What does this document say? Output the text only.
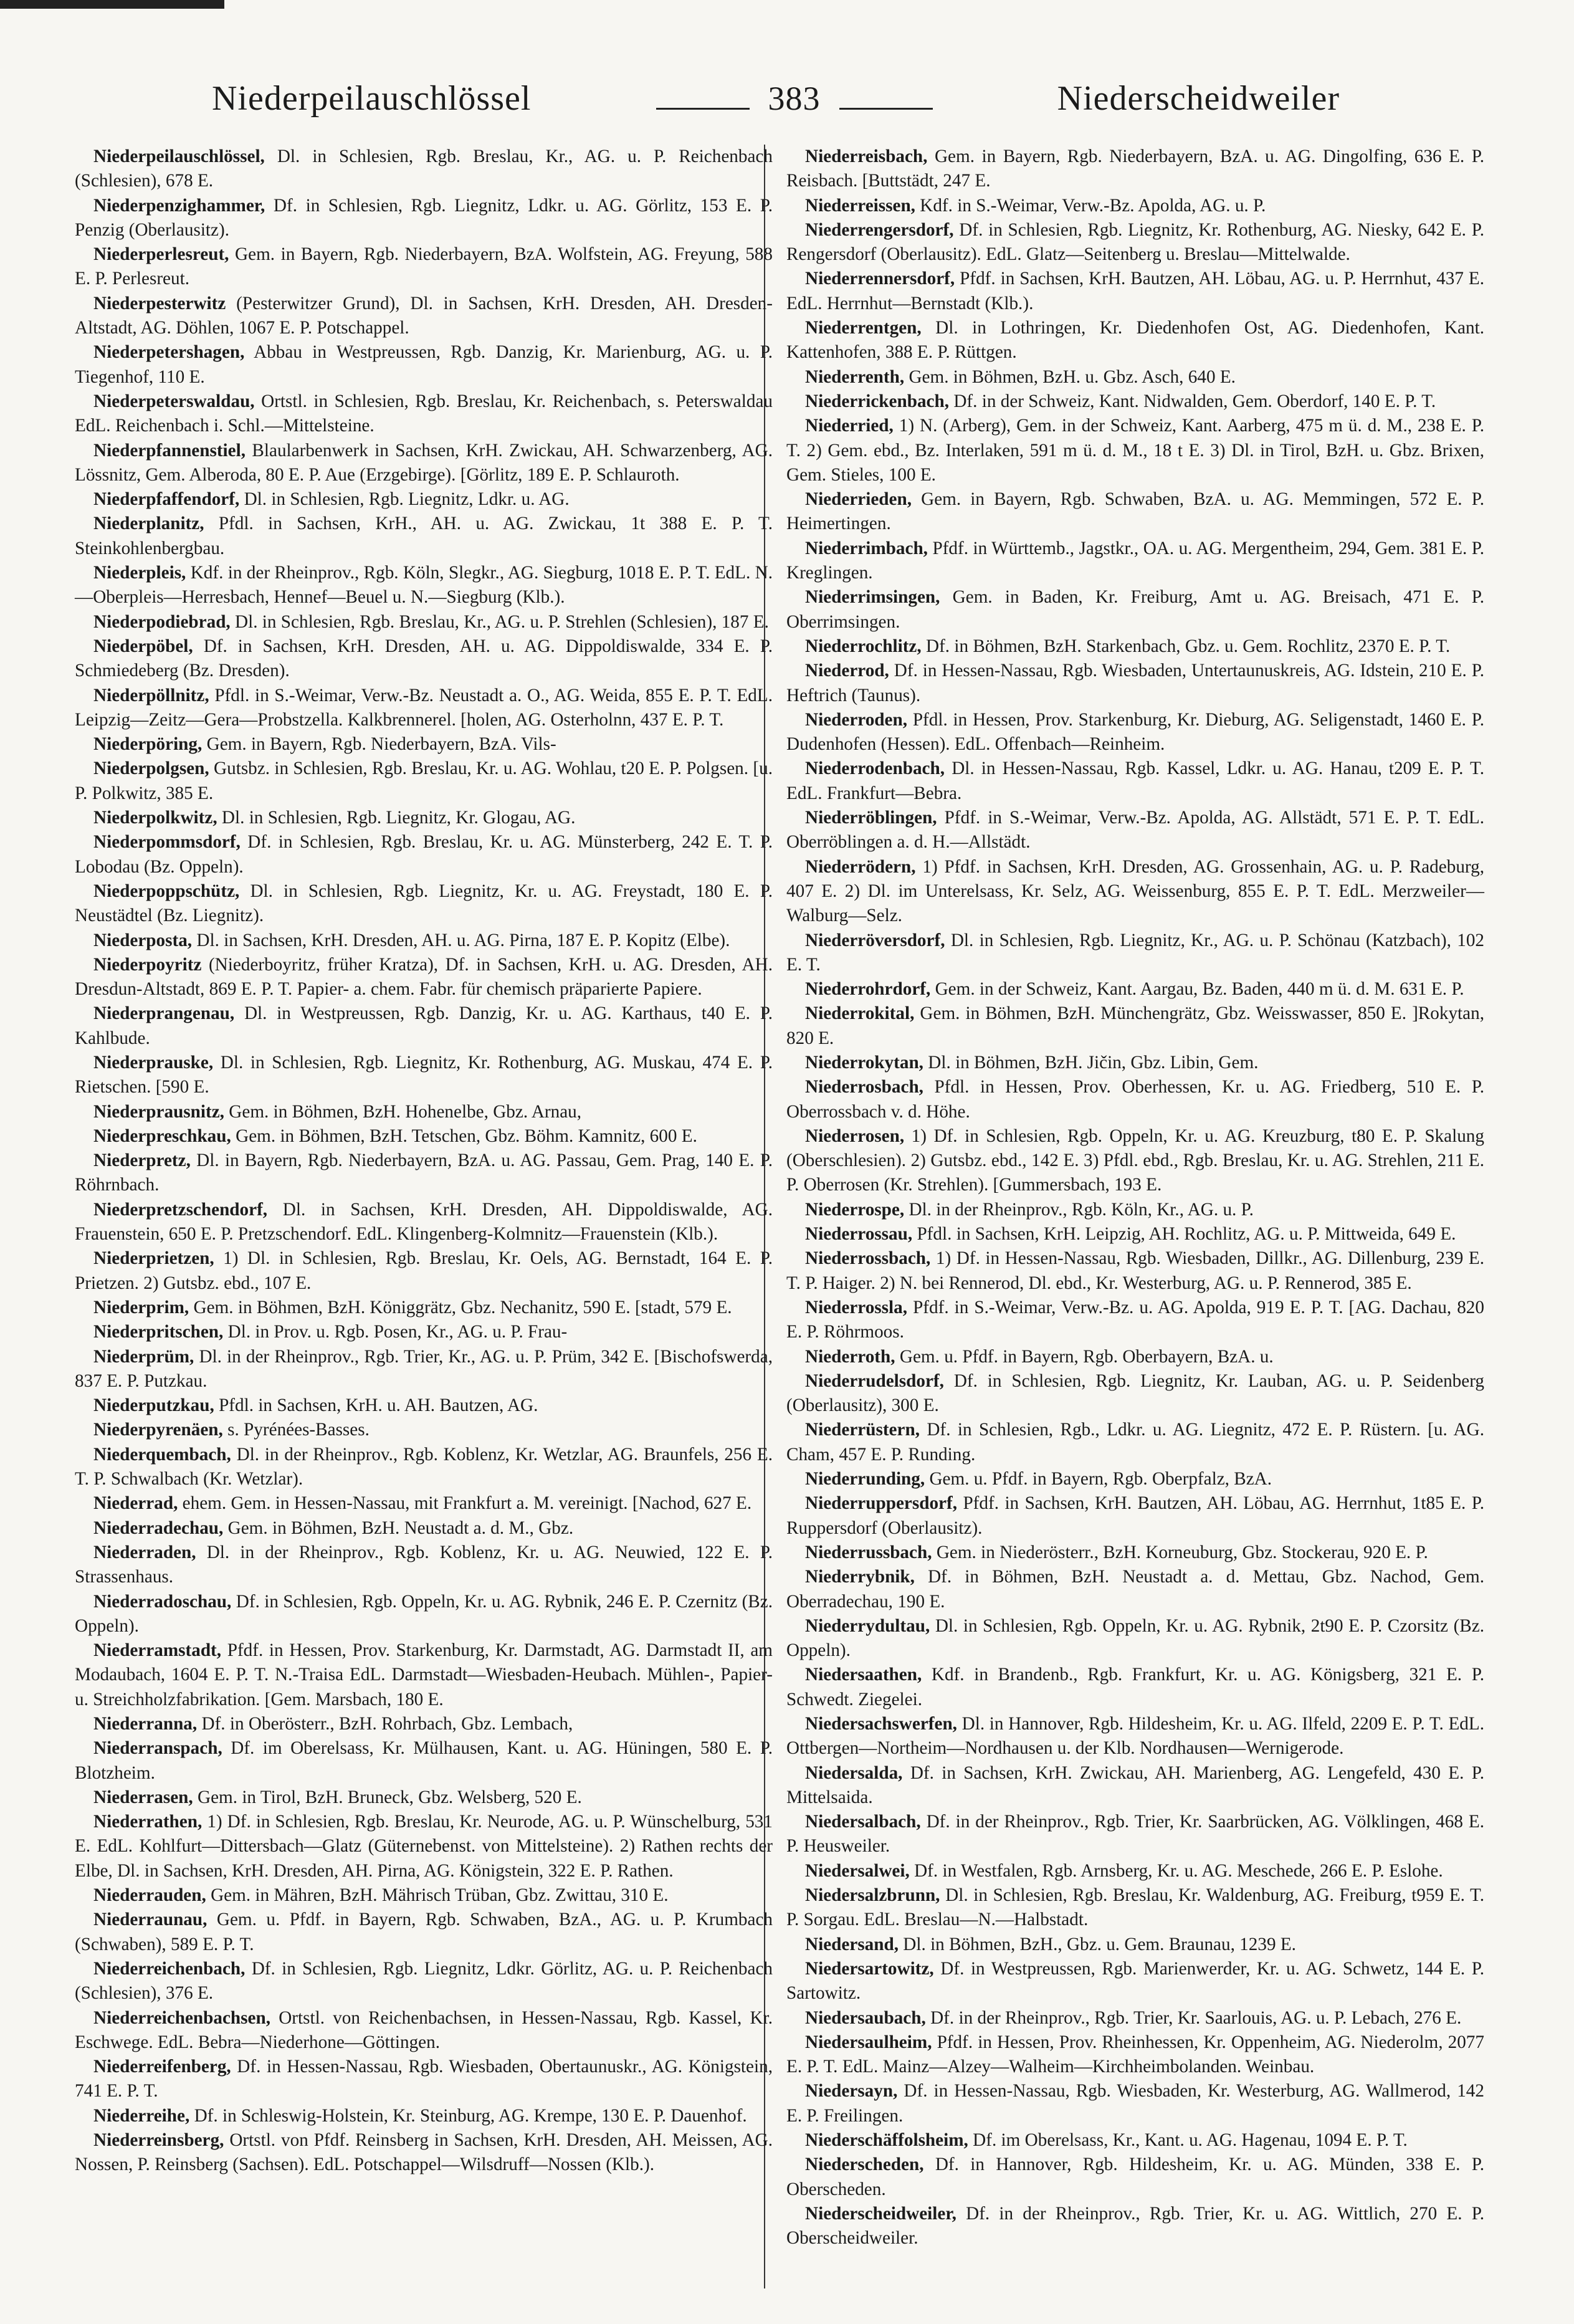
Niederpeilauschlössel	383	Niederscheidweiler

Niederpeilauschlössel, Dl. in Schlesien, Rgb. Breslau, Kr., AG. u. P. Reichenbach (Schlesien), 678 E.

Niederpenzighammer, Df. in Schlesien, Rgb. Liegnitz, Ldkr. u. AG. Görlitz, 153 E. P. Penzig (Oberlausitz).

Niederperlesreut, Gem. in Bayern, Rgb. Niederbayern, BzA. Wolfstein, AG. Freyung, 588 E. P. Perlesreut.

Niederpesterwitz (Pesterwitzer Grund), Dl. in Sachsen, KrH. Dresden, AH. Dresden-Altstadt, AG. Döhlen, 1067 E. P. Potschappel.

Niederpetershagen, Abbau in Westpreussen, Rgb. Danzig, Kr. Marienburg, AG. u. P. Tiegenhof, 110 E.

Niederpeterswaldau, Ortstl. in Schlesien, Rgb. Breslau, Kr. Reichenbach, s. Peterswaldau EdL. Reichenbach i. Schl.—Mittelsteine.

Niederpfannenstiel, Blaularbenwerk in Sachsen, KrH. Zwickau, AH. Schwarzenberg, AG. Lössnitz, Gem. Alberoda, 80 E. P. Aue (Erzgebirge). [Görlitz, 189 E. P. Schlauroth.

Niederpfaffendorf, Dl. in Schlesien, Rgb. Liegnitz, Ldkr. u. AG.

Niederplanitz, Pfdl. in Sachsen, KrH., AH. u. AG. Zwickau, 1t 388 E. P. T. Steinkohlenbergbau.

Niederpleis, Kdf. in der Rheinprov., Rgb. Köln, Slegkr., AG. Siegburg, 1018 E. P. T. EdL. N.—Oberpleis—Herresbach, Hennef—Beuel u. N.—Siegburg (Klb.).

Niederpodiebrad, Dl. in Schlesien, Rgb. Breslau, Kr., AG. u. P. Strehlen (Schlesien), 187 E.

Niederpöbel, Df. in Sachsen, KrH. Dresden, AH. u. AG. Dippoldiswalde, 334 E. P. Schmiedeberg (Bz. Dresden).

Niederpöllnitz, Pfdl. in S.-Weimar, Verw.-Bz. Neustadt a. O., AG. Weida, 855 E. P. T. EdL. Leipzig—Zeitz—Gera—Probstzella. Kalkbrennerel. [holen, AG. Osterholnn, 437 E. P. T.

Niederpöring, Gem. in Bayern, Rgb. Niederbayern, BzA. Vils-

Niederpolgsen, Gutsbz. in Schlesien, Rgb. Breslau, Kr. u. AG. Wohlau, t20 E. P. Polgsen. [u. P. Polkwitz, 385 E.

Niederpolkwitz, Dl. in Schlesien, Rgb. Liegnitz, Kr. Glogau, AG.

Niederpommsdorf, Df. in Schlesien, Rgb. Breslau, Kr. u. AG. Münsterberg, 242 E. T. P. Lobodau (Bz. Oppeln).

Niederpoppschütz, Dl. in Schlesien, Rgb. Liegnitz, Kr. u. AG. Freystadt, 180 E. P. Neustädtel (Bz. Liegnitz).

Niederposta, Dl. in Sachsen, KrH. Dresden, AH. u. AG. Pirna, 187 E. P. Kopitz (Elbe).

Niederpoyritz (Niederboyritz, früher Kratza), Df. in Sachsen, KrH. u. AG. Dresden, AH. Dresdun-Altstadt, 869 E. P. T. Papier- a. chem. Fabr. für chemisch präparierte Papiere.

Niederprangenau, Dl. in Westpreussen, Rgb. Danzig, Kr. u. AG. Karthaus, t40 E. P. Kahlbude.

Niederprauske, Dl. in Schlesien, Rgb. Liegnitz, Kr. Rothenburg, AG. Muskau, 474 E. P. Rietschen. [590 E.

Niederprausnitz, Gem. in Böhmen, BzH. Hohenelbe, Gbz. Arnau,

Niederpreschkau, Gem. in Böhmen, BzH. Tetschen, Gbz. Böhm. Kamnitz, 600 E.

Niederpretz, Dl. in Bayern, Rgb. Niederbayern, BzA. u. AG. Passau, Gem. Prag, 140 E. P. Röhrnbach.

Niederpretzschendorf, Dl. in Sachsen, KrH. Dresden, AH. Dippoldiswalde, AG. Frauenstein, 650 E. P. Pretzschendorf. EdL. Klingenberg-Kolmnitz—Frauenstein (Klb.).

Niederprietzen, 1) Dl. in Schlesien, Rgb. Breslau, Kr. Oels, AG. Bernstadt, 164 E. P. Prietzen. 2) Gutsbz. ebd., 107 E.

Niederprim, Gem. in Böhmen, BzH. Königgrätz, Gbz. Nechanitz, 590 E. [stadt, 579 E.

Niederpritschen, Dl. in Prov. u. Rgb. Posen, Kr., AG. u. P. Frau-

Niederprüm, Dl. in der Rheinprov., Rgb. Trier, Kr., AG. u. P. Prüm, 342 E. [Bischofswerda, 837 E. P. Putzkau.

Niederputzkau, Pfdl. in Sachsen, KrH. u. AH. Bautzen, AG.

Niederpyrenäen, s. Pyrénées-Basses.

Niederquembach, Dl. in der Rheinprov., Rgb. Koblenz, Kr. Wetzlar, AG. Braunfels, 256 E. T. P. Schwalbach (Kr. Wetzlar).

Niederrad, ehem. Gem. in Hessen-Nassau, mit Frankfurt a. M. vereinigt. [Nachod, 627 E.

Niederradechau, Gem. in Böhmen, BzH. Neustadt a. d. M., Gbz.

Niederraden, Dl. in der Rheinprov., Rgb. Koblenz, Kr. u. AG. Neuwied, 122 E. P. Strassenhaus.

Niederradoschau, Df. in Schlesien, Rgb. Oppeln, Kr. u. AG. Rybnik, 246 E. P. Czernitz (Bz. Oppeln).

Niederramstadt, Pfdf. in Hessen, Prov. Starkenburg, Kr. Darmstadt, AG. Darmstadt II, am Modaubach, 1604 E. P. T. N.-Traisa EdL. Darmstadt—Wiesbaden-Heubach. Mühlen-, Papier- u. Streichholzfabrikation. [Gem. Marsbach, 180 E.

Niederranna, Df. in Oberösterr., BzH. Rohrbach, Gbz. Lembach,

Niederranspach, Df. im Oberelsass, Kr. Mülhausen, Kant. u. AG. Hüningen, 580 E. P. Blotzheim.

Niederrasen, Gem. in Tirol, BzH. Bruneck, Gbz. Welsberg, 520 E.

Niederrathen, 1) Df. in Schlesien, Rgb. Breslau, Kr. Neurode, AG. u. P. Wünschelburg, 531 E. EdL. Kohlfurt—Dittersbach—Glatz (Güternebenst. von Mittelsteine). 2) Rathen rechts der Elbe, Dl. in Sachsen, KrH. Dresden, AH. Pirna, AG. Königstein, 322 E. P. Rathen.

Niederrauden, Gem. in Mähren, BzH. Mährisch Trüban, Gbz. Zwittau, 310 E.

Niederraunau, Gem. u. Pfdf. in Bayern, Rgb. Schwaben, BzA., AG. u. P. Krumbach (Schwaben), 589 E. P. T.

Niederreichenbach, Df. in Schlesien, Rgb. Liegnitz, Ldkr. Görlitz, AG. u. P. Reichenbach (Schlesien), 376 E.

Niederreichenbachsen, Ortstl. von Reichenbachsen, in Hessen-Nassau, Rgb. Kassel, Kr. Eschwege. EdL. Bebra—Niederhone—Göttingen.

Niederreifenberg, Df. in Hessen-Nassau, Rgb. Wiesbaden, Obertaunuskr., AG. Königstein, 741 E. P. T.

Niederreihe, Df. in Schleswig-Holstein, Kr. Steinburg, AG. Krempe, 130 E. P. Dauenhof.

Niederreinsberg, Ortstl. von Pfdf. Reinsberg in Sachsen, KrH. Dresden, AH. Meissen, AG. Nossen, P. Reinsberg (Sachsen). EdL. Potschappel—Wilsdruff—Nossen (Klb.).

Niederreisbach, Gem. in Bayern, Rgb. Niederbayern, BzA. u. AG. Dingolfing, 636 E. P. Reisbach. [Buttstädt, 247 E.

Niederreissen, Kdf. in S.-Weimar, Verw.-Bz. Apolda, AG. u. P.

Niederrengersdorf, Df. in Schlesien, Rgb. Liegnitz, Kr. Rothenburg, AG. Niesky, 642 E. P. Rengersdorf (Oberlausitz). EdL. Glatz—Seitenberg u. Breslau—Mittelwalde.

Niederrennersdorf, Pfdf. in Sachsen, KrH. Bautzen, AH. Löbau, AG. u. P. Herrnhut, 437 E. EdL. Herrnhut—Bernstadt (Klb.).

Niederrentgen, Dl. in Lothringen, Kr. Diedenhofen Ost, AG. Diedenhofen, Kant. Kattenhofen, 388 E. P. Rüttgen.

Niederrenth, Gem. in Böhmen, BzH. u. Gbz. Asch, 640 E.

Niederrickenbach, Df. in der Schweiz, Kant. Nidwalden, Gem. Oberdorf, 140 E. P. T.

Niederried, 1) N. (Arberg), Gem. in der Schweiz, Kant. Aarberg, 475 m ü. d. M., 238 E. P. T. 2) Gem. ebd., Bz. Interlaken, 591 m ü. d. M., 18 t E. 3) Dl. in Tirol, BzH. u. Gbz. Brixen, Gem. Stieles, 100 E.

Niederrieden, Gem. in Bayern, Rgb. Schwaben, BzA. u. AG. Memmingen, 572 E. P. Heimertingen.

Niederrimbach, Pfdf. in Württemb., Jagstkr., OA. u. AG. Mergentheim, 294, Gem. 381 E. P. Kreglingen.

Niederrimsingen, Gem. in Baden, Kr. Freiburg, Amt u. AG. Breisach, 471 E. P. Oberrimsingen.

Niederrochlitz, Df. in Böhmen, BzH. Starkenbach, Gbz. u. Gem. Rochlitz, 2370 E. P. T.

Niederrod, Df. in Hessen-Nassau, Rgb. Wiesbaden, Untertaunuskreis, AG. Idstein, 210 E. P. Heftrich (Taunus).

Niederroden, Pfdl. in Hessen, Prov. Starkenburg, Kr. Dieburg, AG. Seligenstadt, 1460 E. P. Dudenhofen (Hessen). EdL. Offenbach—Reinheim.

Niederrodenbach, Dl. in Hessen-Nassau, Rgb. Kassel, Ldkr. u. AG. Hanau, t209 E. P. T. EdL. Frankfurt—Bebra.

Niederröblingen, Pfdf. in S.-Weimar, Verw.-Bz. Apolda, AG. Allstädt, 571 E. P. T. EdL. Oberröblingen a. d. H.—Allstädt.

Niederrödern, 1) Pfdf. in Sachsen, KrH. Dresden, AG. Grossenhain, AG. u. P. Radeburg, 407 E. 2) Dl. im Unterelsass, Kr. Selz, AG. Weissenburg, 855 E. P. T. EdL. Merzweiler—Walburg—Selz.

Niederröversdorf, Dl. in Schlesien, Rgb. Liegnitz, Kr., AG. u. P. Schönau (Katzbach), 102 E. T.

Niederrohrdorf, Gem. in der Schweiz, Kant. Aargau, Bz. Baden, 440 m ü. d. M. 631 E. P.

Niederrokital, Gem. in Böhmen, BzH. Münchengrätz, Gbz. Weisswasser, 850 E. ]Rokytan, 820 E.

Niederrokytan, Dl. in Böhmen, BzH. Jičin, Gbz. Libin, Gem.

Niederrosbach, Pfdl. in Hessen, Prov. Oberhessen, Kr. u. AG. Friedberg, 510 E. P. Oberrossbach v. d. Höhe.

Niederrosen, 1) Df. in Schlesien, Rgb. Oppeln, Kr. u. AG. Kreuzburg, t80 E. P. Skalung (Oberschlesien). 2) Gutsbz. ebd., 142 E. 3) Pfdl. ebd., Rgb. Breslau, Kr. u. AG. Strehlen, 211 E. P. Oberrosen (Kr. Strehlen). [Gummersbach, 193 E.

Niederrospe, Dl. in der Rheinprov., Rgb. Köln, Kr., AG. u. P.

Niederrossau, Pfdl. in Sachsen, KrH. Leipzig, AH. Rochlitz, AG. u. P. Mittweida, 649 E.

Niederrossbach, 1) Df. in Hessen-Nassau, Rgb. Wiesbaden, Dillkr., AG. Dillenburg, 239 E. T. P. Haiger. 2) N. bei Rennerod, Dl. ebd., Kr. Westerburg, AG. u. P. Rennerod, 385 E.

Niederrossla, Pfdf. in S.-Weimar, Verw.-Bz. u. AG. Apolda, 919 E. P. T. [AG. Dachau, 820 E. P. Röhrmoos.

Niederroth, Gem. u. Pfdf. in Bayern, Rgb. Oberbayern, BzA. u.

Niederrudelsdorf, Df. in Schlesien, Rgb. Liegnitz, Kr. Lauban, AG. u. P. Seidenberg (Oberlausitz), 300 E.

Niederrüstern, Df. in Schlesien, Rgb., Ldkr. u. AG. Liegnitz, 472 E. P. Rüstern. [u. AG. Cham, 457 E. P. Runding.

Niederrunding, Gem. u. Pfdf. in Bayern, Rgb. Oberpfalz, BzA.

Niederruppersdorf, Pfdf. in Sachsen, KrH. Bautzen, AH. Löbau, AG. Herrnhut, 1t85 E. P. Ruppersdorf (Oberlausitz).

Niederrussbach, Gem. in Niederösterr., BzH. Korneuburg, Gbz. Stockerau, 920 E. P.

Niederrybnik, Df. in Böhmen, BzH. Neustadt a. d. Mettau, Gbz. Nachod, Gem. Oberradechau, 190 E.

Niederrydultau, Dl. in Schlesien, Rgb. Oppeln, Kr. u. AG. Rybnik, 2t90 E. P. Czorsitz (Bz. Oppeln).

Niedersaathen, Kdf. in Brandenb., Rgb. Frankfurt, Kr. u. AG. Königsberg, 321 E. P. Schwedt. Ziegelei.

Niedersachswerfen, Dl. in Hannover, Rgb. Hildesheim, Kr. u. AG. Ilfeld, 2209 E. P. T. EdL. Ottbergen—Northeim—Nordhausen u. der Klb. Nordhausen—Wernigerode.

Niedersalda, Df. in Sachsen, KrH. Zwickau, AH. Marienberg, AG. Lengefeld, 430 E. P. Mittelsaida.

Niedersalbach, Df. in der Rheinprov., Rgb. Trier, Kr. Saarbrücken, AG. Völklingen, 468 E. P. Heusweiler.

Niedersalwei, Df. in Westfalen, Rgb. Arnsberg, Kr. u. AG. Meschede, 266 E. P. Eslohe.

Niedersalzbrunn, Dl. in Schlesien, Rgb. Breslau, Kr. Waldenburg, AG. Freiburg, t959 E. T. P. Sorgau. EdL. Breslau—N.—Halbstadt.

Niedersand, Dl. in Böhmen, BzH., Gbz. u. Gem. Braunau, 1239 E.

Niedersartowitz, Df. in Westpreussen, Rgb. Marienwerder, Kr. u. AG. Schwetz, 144 E. P. Sartowitz.

Niedersaubach, Df. in der Rheinprov., Rgb. Trier, Kr. Saarlouis, AG. u. P. Lebach, 276 E.

Niedersaulheim, Pfdf. in Hessen, Prov. Rheinhessen, Kr. Oppenheim, AG. Niederolm, 2077 E. P. T. EdL. Mainz—Alzey—Walheim—Kirchheimbolanden. Weinbau.

Niedersayn, Df. in Hessen-Nassau, Rgb. Wiesbaden, Kr. Westerburg, AG. Wallmerod, 142 E. P. Freilingen.

Niederschäffolsheim, Df. im Oberelsass, Kr., Kant. u. AG. Hagenau, 1094 E. P. T.

Niederscheden, Df. in Hannover, Rgb. Hildesheim, Kr. u. AG. Münden, 338 E. P. Oberscheden.

Niederscheidweiler, Df. in der Rheinprov., Rgb. Trier, Kr. u. AG. Wittlich, 270 E. P. Oberscheidweiler.
